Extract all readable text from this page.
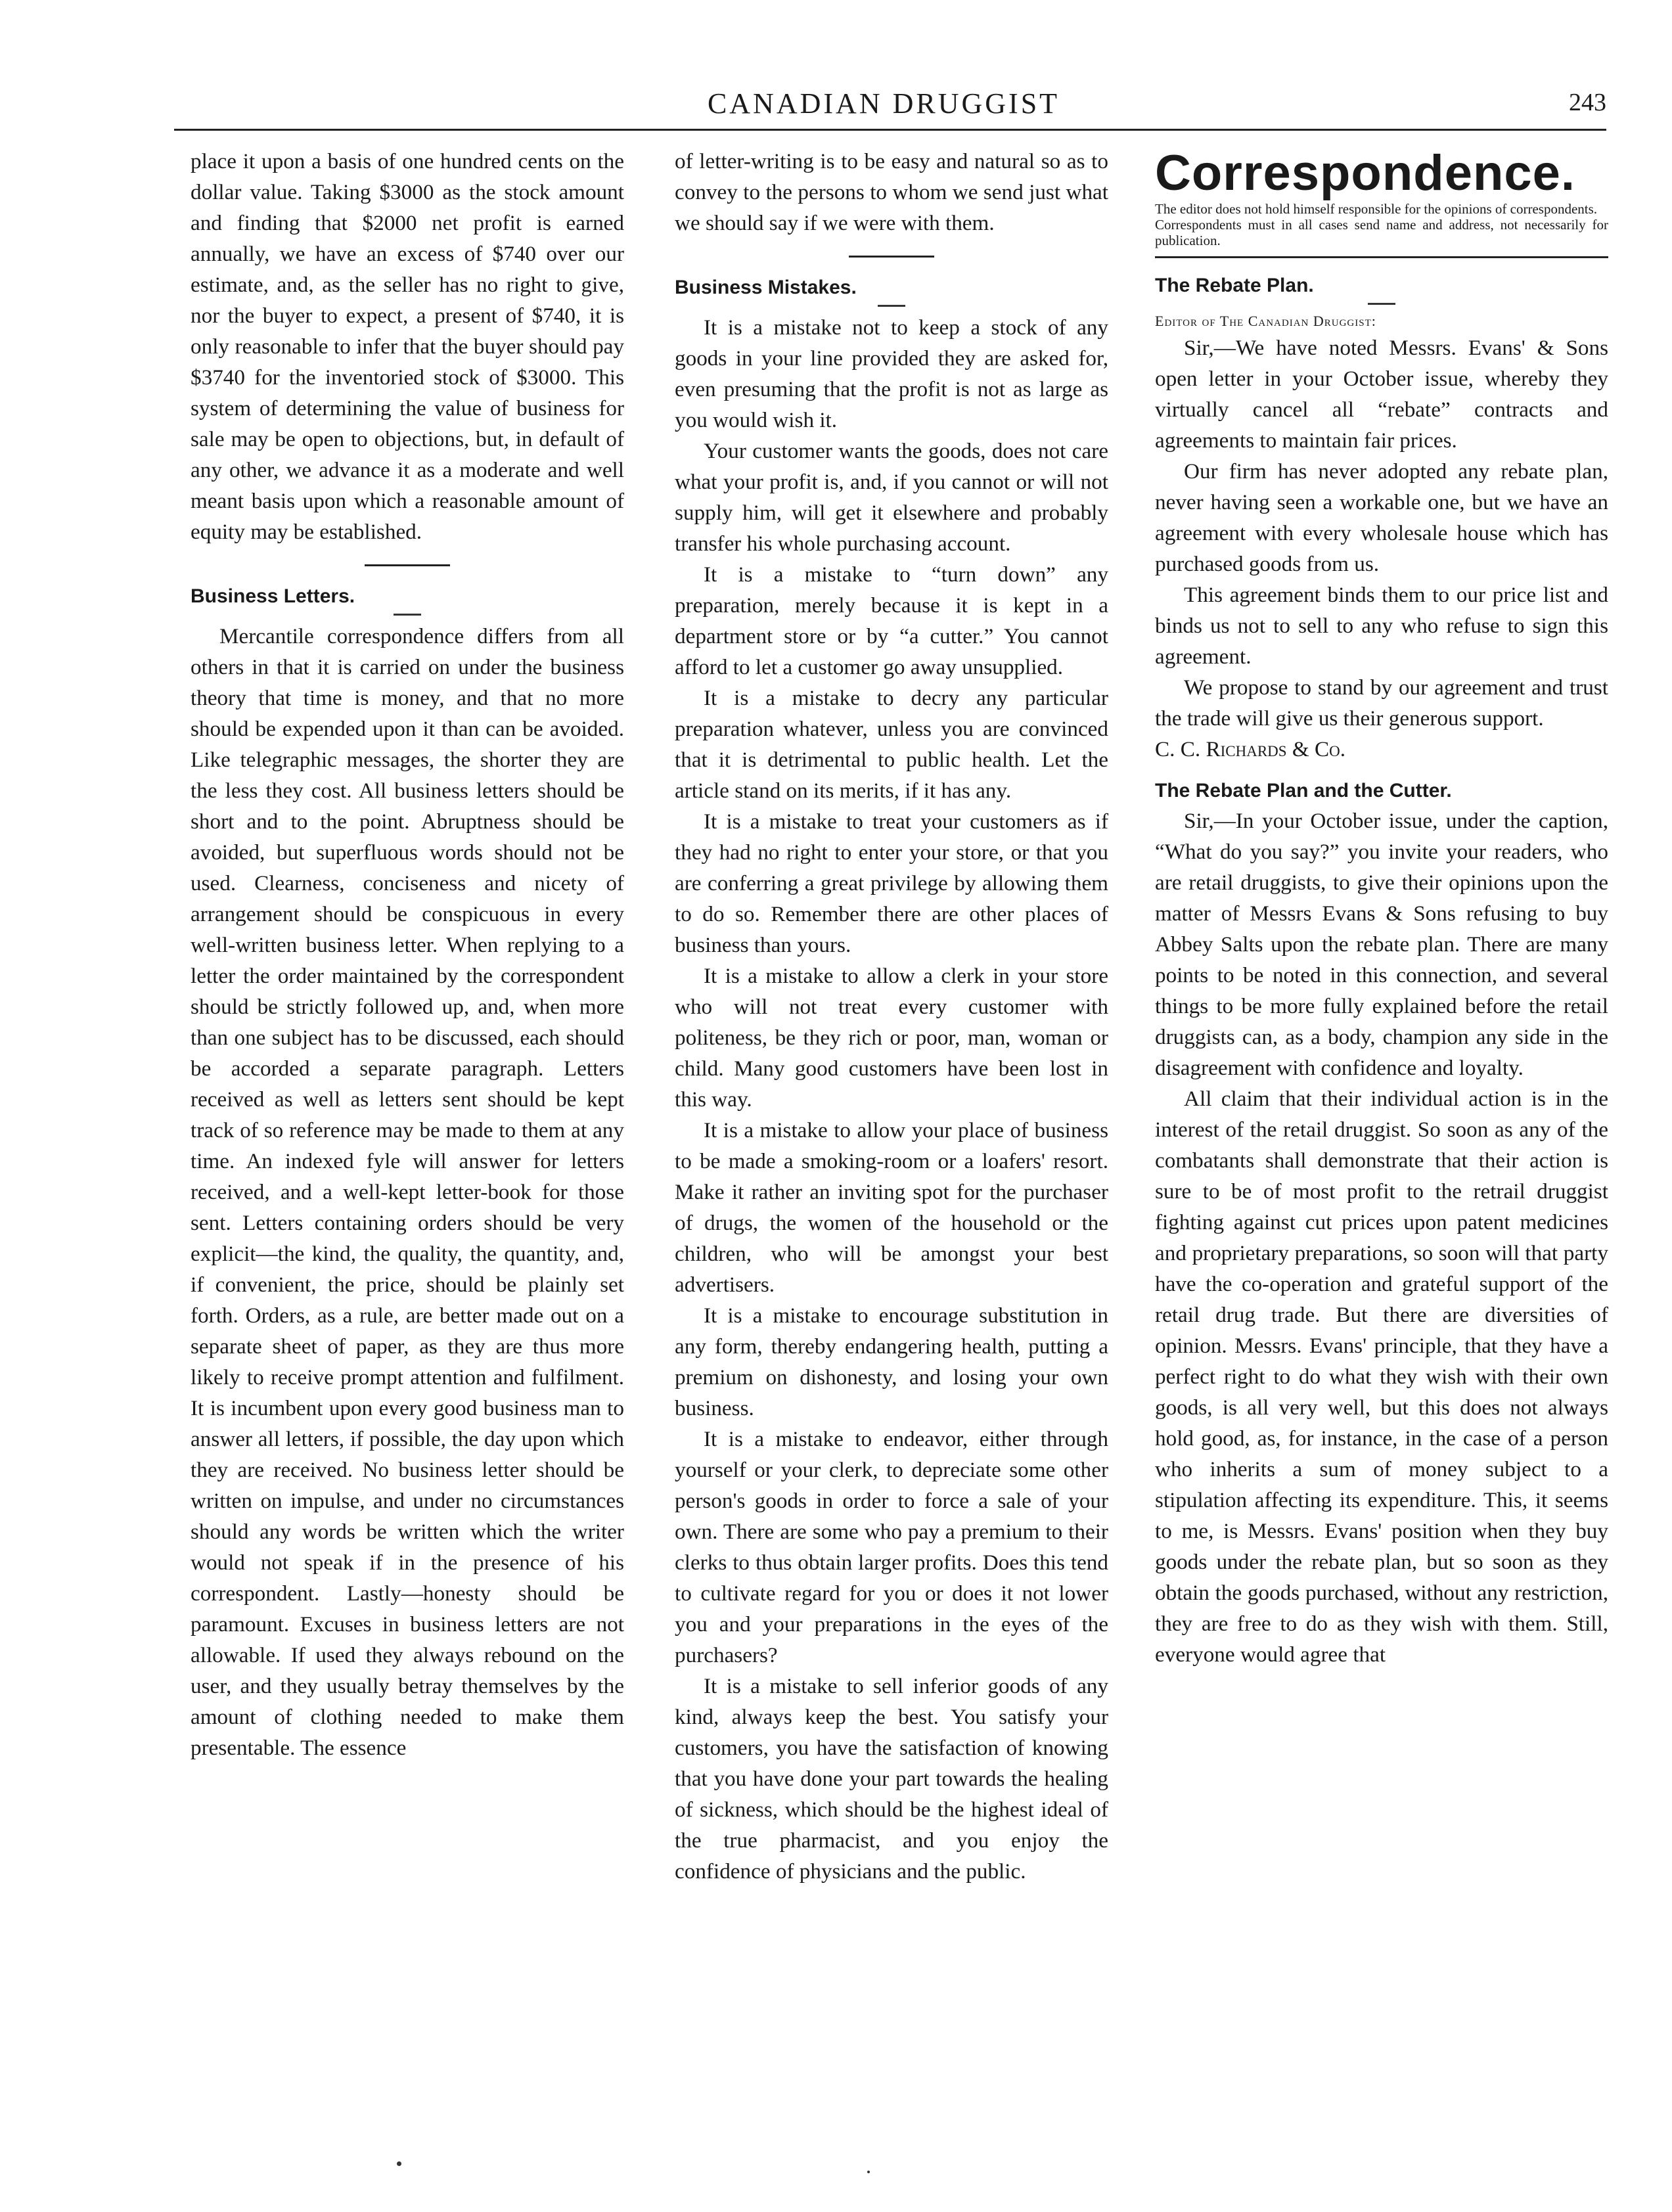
CANADIAN DRUGGIST	243

place it upon a basis of one hundred cents on the dollar value. Taking $3000 as the stock amount and finding that $2000 net profit is earned annually, we have an excess of $740 over our estimate, and, as the seller has no right to give, nor the buyer to expect, a present of $740, it is only reasonable to infer that the buyer should pay $3740 for the inventoried stock of $3000. This system of determining the value of business for sale may be open to objections, but, in default of any other, we advance it as a moderate and well meant basis upon which a reasonable amount of equity may be established.

Business Letters.

Mercantile correspondence differs from all others in that it is carried on under the business theory that time is money, and that no more should be expended upon it than can be avoided. Like telegraphic messages, the shorter they are the less they cost. All business letters should be short and to the point. Abruptness should be avoided, but superfluous words should not be used. Clearness, conciseness and nicety of arrangement should be conspicuous in every well-written business letter. When replying to a letter the order maintained by the correspondent should be strictly followed up, and, when more than one subject has to be discussed, each should be accorded a separate paragraph. Letters received as well as letters sent should be kept track of so reference may be made to them at any time. An indexed fyle will answer for letters received, and a well-kept letter-book for those sent. Letters containing orders should be very explicit—the kind, the quality, the quantity, and, if convenient, the price, should be plainly set forth. Orders, as a rule, are better made out on a separate sheet of paper, as they are thus more likely to receive prompt attention and fulfilment. It is incumbent upon every good business man to answer all letters, if possible, the day upon which they are received. No business letter should be written on impulse, and under no circumstances should any words be written which the writer would not speak if in the presence of his correspondent. Lastly—honesty should be paramount. Excuses in business letters are not allowable. If used they always rebound on the user, and they usually betray themselves by the amount of clothing needed to make them presentable. The essence

of letter-writing is to be easy and natural so as to convey to the persons to whom we send just what we should say if we were with them.

Business Mistakes.

It is a mistake not to keep a stock of any goods in your line provided they are asked for, even presuming that the profit is not as large as you would wish it.

Your customer wants the goods, does not care what your profit is, and, if you cannot or will not supply him, will get it elsewhere and probably transfer his whole purchasing account.

It is a mistake to “turn down” any preparation, merely because it is kept in a department store or by “a cutter.” You cannot afford to let a customer go away unsupplied.

It is a mistake to decry any particular preparation whatever, unless you are convinced that it is detrimental to public health. Let the article stand on its merits, if it has any.

It is a mistake to treat your customers as if they had no right to enter your store, or that you are conferring a great privilege by allowing them to do so. Remember there are other places of business than yours.

It is a mistake to allow a clerk in your store who will not treat every customer with politeness, be they rich or poor, man, woman or child. Many good customers have been lost in this way.

It is a mistake to allow your place of business to be made a smoking-room or a loafers' resort. Make it rather an inviting spot for the purchaser of drugs, the women of the household or the children, who will be amongst your best advertisers.

It is a mistake to encourage substitution in any form, thereby endangering health, putting a premium on dishonesty, and losing your own business.

It is a mistake to endeavor, either through yourself or your clerk, to depreciate some other person's goods in order to force a sale of your own. There are some who pay a premium to their clerks to thus obtain larger profits. Does this tend to cultivate regard for you or does it not lower you and your preparations in the eyes of the purchasers?

It is a mistake to sell inferior goods of any kind, always keep the best. You satisfy your customers, you have the satisfaction of knowing that you have done your part towards the healing of sickness, which should be the highest ideal of the true pharmacist, and you enjoy the confidence of physicians and the public.

Correspondence.

The editor does not hold himself responsible for the opinions of correspondents.

Correspondents must in all cases send name and address, not necessarily for publication.

The Rebate Plan.

Editor of The Canadian Druggist:

Sir,—We have noted Messrs. Evans' & Sons open letter in your October issue, whereby they virtually cancel all “rebate” contracts and agreements to maintain fair prices.

Our firm has never adopted any rebate plan, never having seen a workable one, but we have an agreement with every wholesale house which has purchased goods from us.

This agreement binds them to our price list and binds us not to sell to any who refuse to sign this agreement.

We propose to stand by our agreement and trust the trade will give us their generous support.

C. C. Richards & Co.

The Rebate Plan and the Cutter.

Sir,—In your October issue, under the caption, “What do you say?” you invite your readers, who are retail druggists, to give their opinions upon the matter of Messrs Evans & Sons refusing to buy Abbey Salts upon the rebate plan. There are many points to be noted in this connection, and several things to be more fully explained before the retail druggists can, as a body, champion any side in the disagreement with confidence and loyalty.

All claim that their individual action is in the interest of the retail druggist. So soon as any of the combatants shall demonstrate that their action is sure to be of most profit to the retrail druggist fighting against cut prices upon patent medicines and proprietary preparations, so soon will that party have the co-operation and grateful support of the retail drug trade. But there are diversities of opinion. Messrs. Evans' principle, that they have a perfect right to do what they wish with their own goods, is all very well, but this does not always hold good, as, for instance, in the case of a person who inherits a sum of money subject to a stipulation affecting its expenditure. This, it seems to me, is Messrs. Evans' position when they buy goods under the rebate plan, but so soon as they obtain the goods purchased, without any restriction, they are free to do as they wish with them. Still, everyone would agree that
